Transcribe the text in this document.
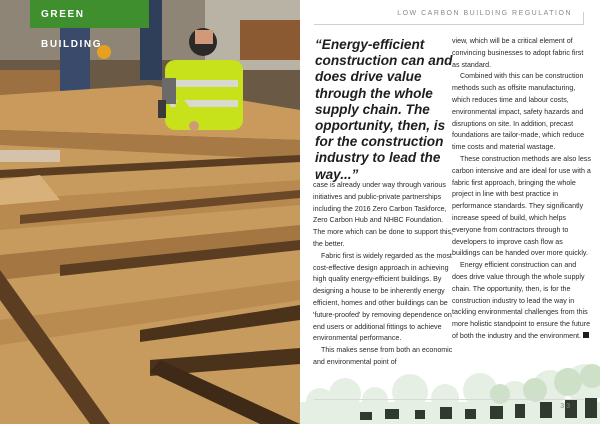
GREEN BUILDING
LOW CARBON BUILDING REGULATION
“Energy-efficient construction can and does drive value through the whole supply chain. The opportunity, then, is for the construction industry to lead the way...”

case is already under way through various initiatives and public-private partnerships including the 2016 Zero Carbon Taskforce, Zero Carbon Hub and NHBC Foundation. The more which can be done to support this, the better.

Fabric first is widely regarded as the most cost-effective design approach in achieving high quality energy-efficient buildings. By designing a house to be inherently energy efficient, homes and other buildings can be 'future-proofed' by removing dependence on end users or additional fittings to achieve environmental performance.

This makes sense from both an economic and environmental point of

view, which will be a critical element of convincing businesses to adopt fabric first as standard.

Combined with this can be construction methods such as offsite manufacturing, which reduces time and labour costs, environmental impact, safety hazards and disruptions on site. In addition, precast foundations are tailor-made, which reduce time costs and material wastage.

These construction methods are also less carbon intensive and are ideal for use with a fabric first approach, bringing the whole project in line with best practice in performance standards. They significantly increase speed of build, which helps everyone from contractors through to developers to improve cash flow as buildings can be handed over more quickly.

Energy efficient construction can and does drive value through the whole supply chain. The opportunity, then, is for the construction industry to lead the way in tackling environmental challenges from this more holistic standpoint to ensure the future of both the industry and the environment.

33
